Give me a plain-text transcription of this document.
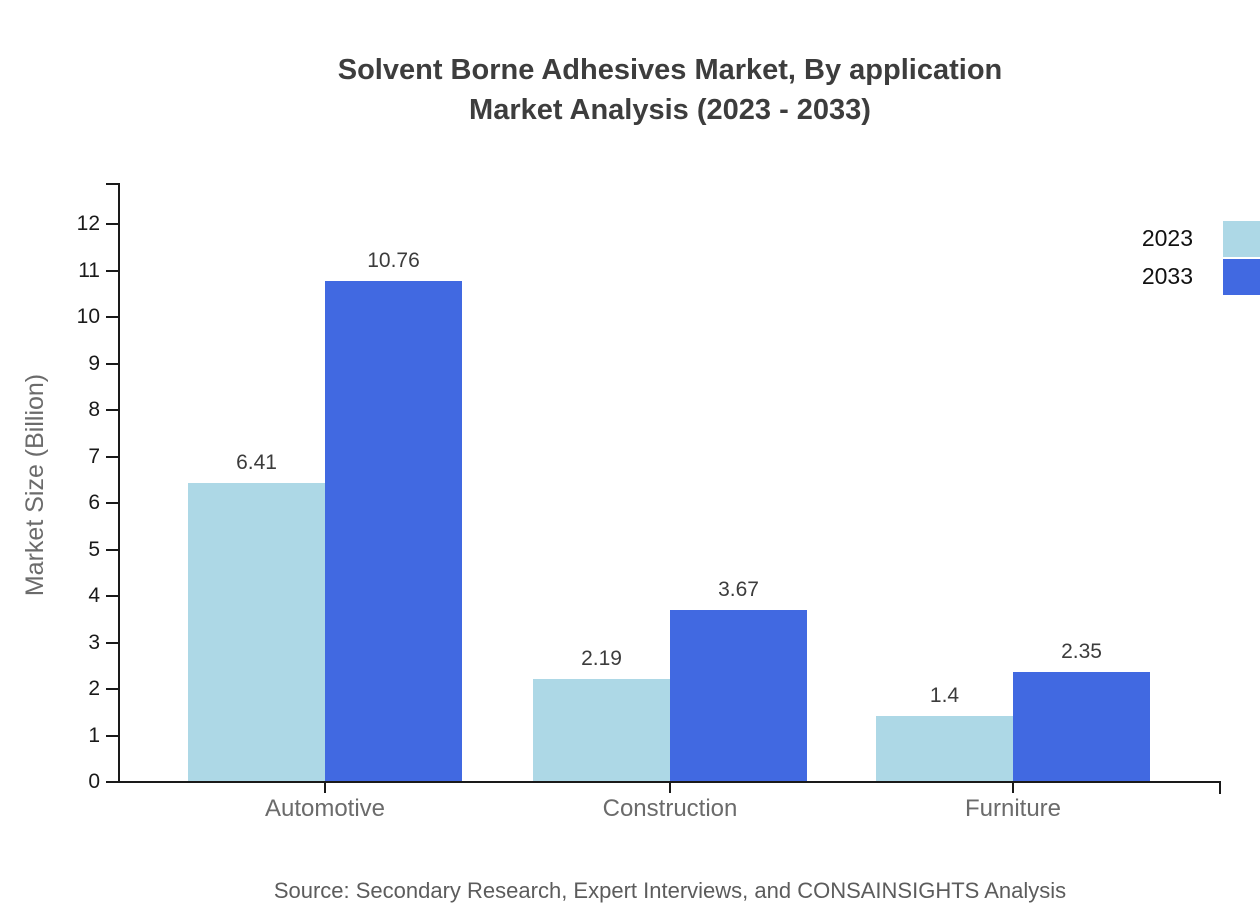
Solvent Borne Adhesives Market, By application
Market Analysis (2023 - 2033)
Market Size (Billion)
Source: Secondary Research, Expert Interviews, and CONSAINSIGHTS Analysis
0
1
2
3
4
5
6
7
8
9
10
11
12
6.41
2.19
1.4
10.76
3.67
2.35
Automotive	Construction	Furniture
2023
2033
